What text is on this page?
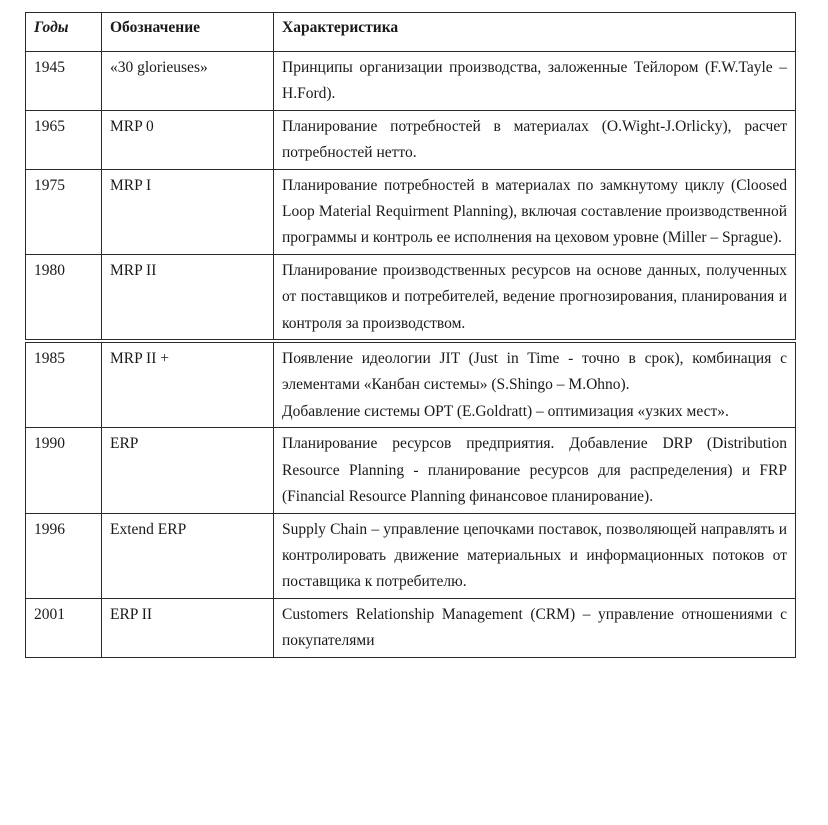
Годы	Обозначение	Характеристика
1945	«30 glorieuses»	Принципы организации производства, заложенные Тейлором (F.W.Tayle – H.Ford).

1965	MRP 0	Планирование потребностей в материалах (O.Wight-J.Orlicky), расчет потребностей нетто.

1975	MRP I	Планирование потребностей в материалах по замкнутому циклу (Cloosed Loop Material Requirment Planning), включая составление производственной программы и контроль ее исполнения на цеховом уровне (Miller – Sprague).

1980	MRP II	Планирование производственных ресурсов на основе данных, полученных от поставщиков и потребителей, ведение прогнозирования, планирования и контроля за производством.

1985	MRP II +	Появление идеологии JIT (Just in Time - точно в срок), комбинация с элементами «Канбан системы» (S.Shingo – M.Ohno).
Добавление системы OPT (E.Goldratt) – оптимизация «узких мест».

1990	ERP	Планирование ресурсов предприятия. Добавление DRP (Distribution Resource Planning - планирование ресурсов для распределения) и FRP (Financial Resource Planning финансовое планирование).

1996	Extend ERP	Supply Chain – управление цепочками поставок, позволяющей направлять и контролировать движение материальных и информационных потоков от поставщика к потребителю.

2001	ERP II	Customers Relationship Management (CRM) – управление отношениями с покупателями
